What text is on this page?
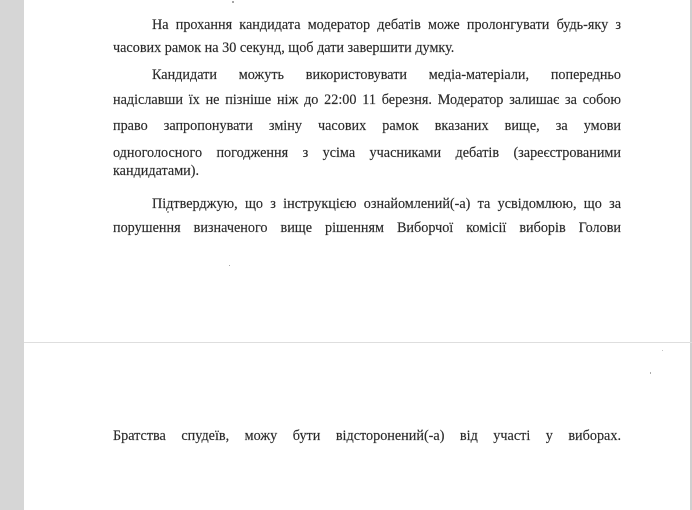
На прохання кандидата модератор дебатів може пролонгувати будь-яку з
часових рамок на 30 секунд, щоб дати завершити думку.
Кандидати можуть використовувати медіа-матеріали, попередньо
надіславши їх не пізніше ніж до 22:00 11 березня. Модератор залишає за собою
право запропонувати зміну часових рамок вказаних вище, за умови
одноголосного погодження з усіма учасниками дебатів (зареєстрованими
кандидатами).
Підтверджую, що з інструкцією ознайомлений(-а) та усвідомлюю, що за
порушення визначеного вище рішенням Виборчої комісії виборів Голови
Братства спудеїв, можу бути відсторонений(-а) від участі у виборах.
